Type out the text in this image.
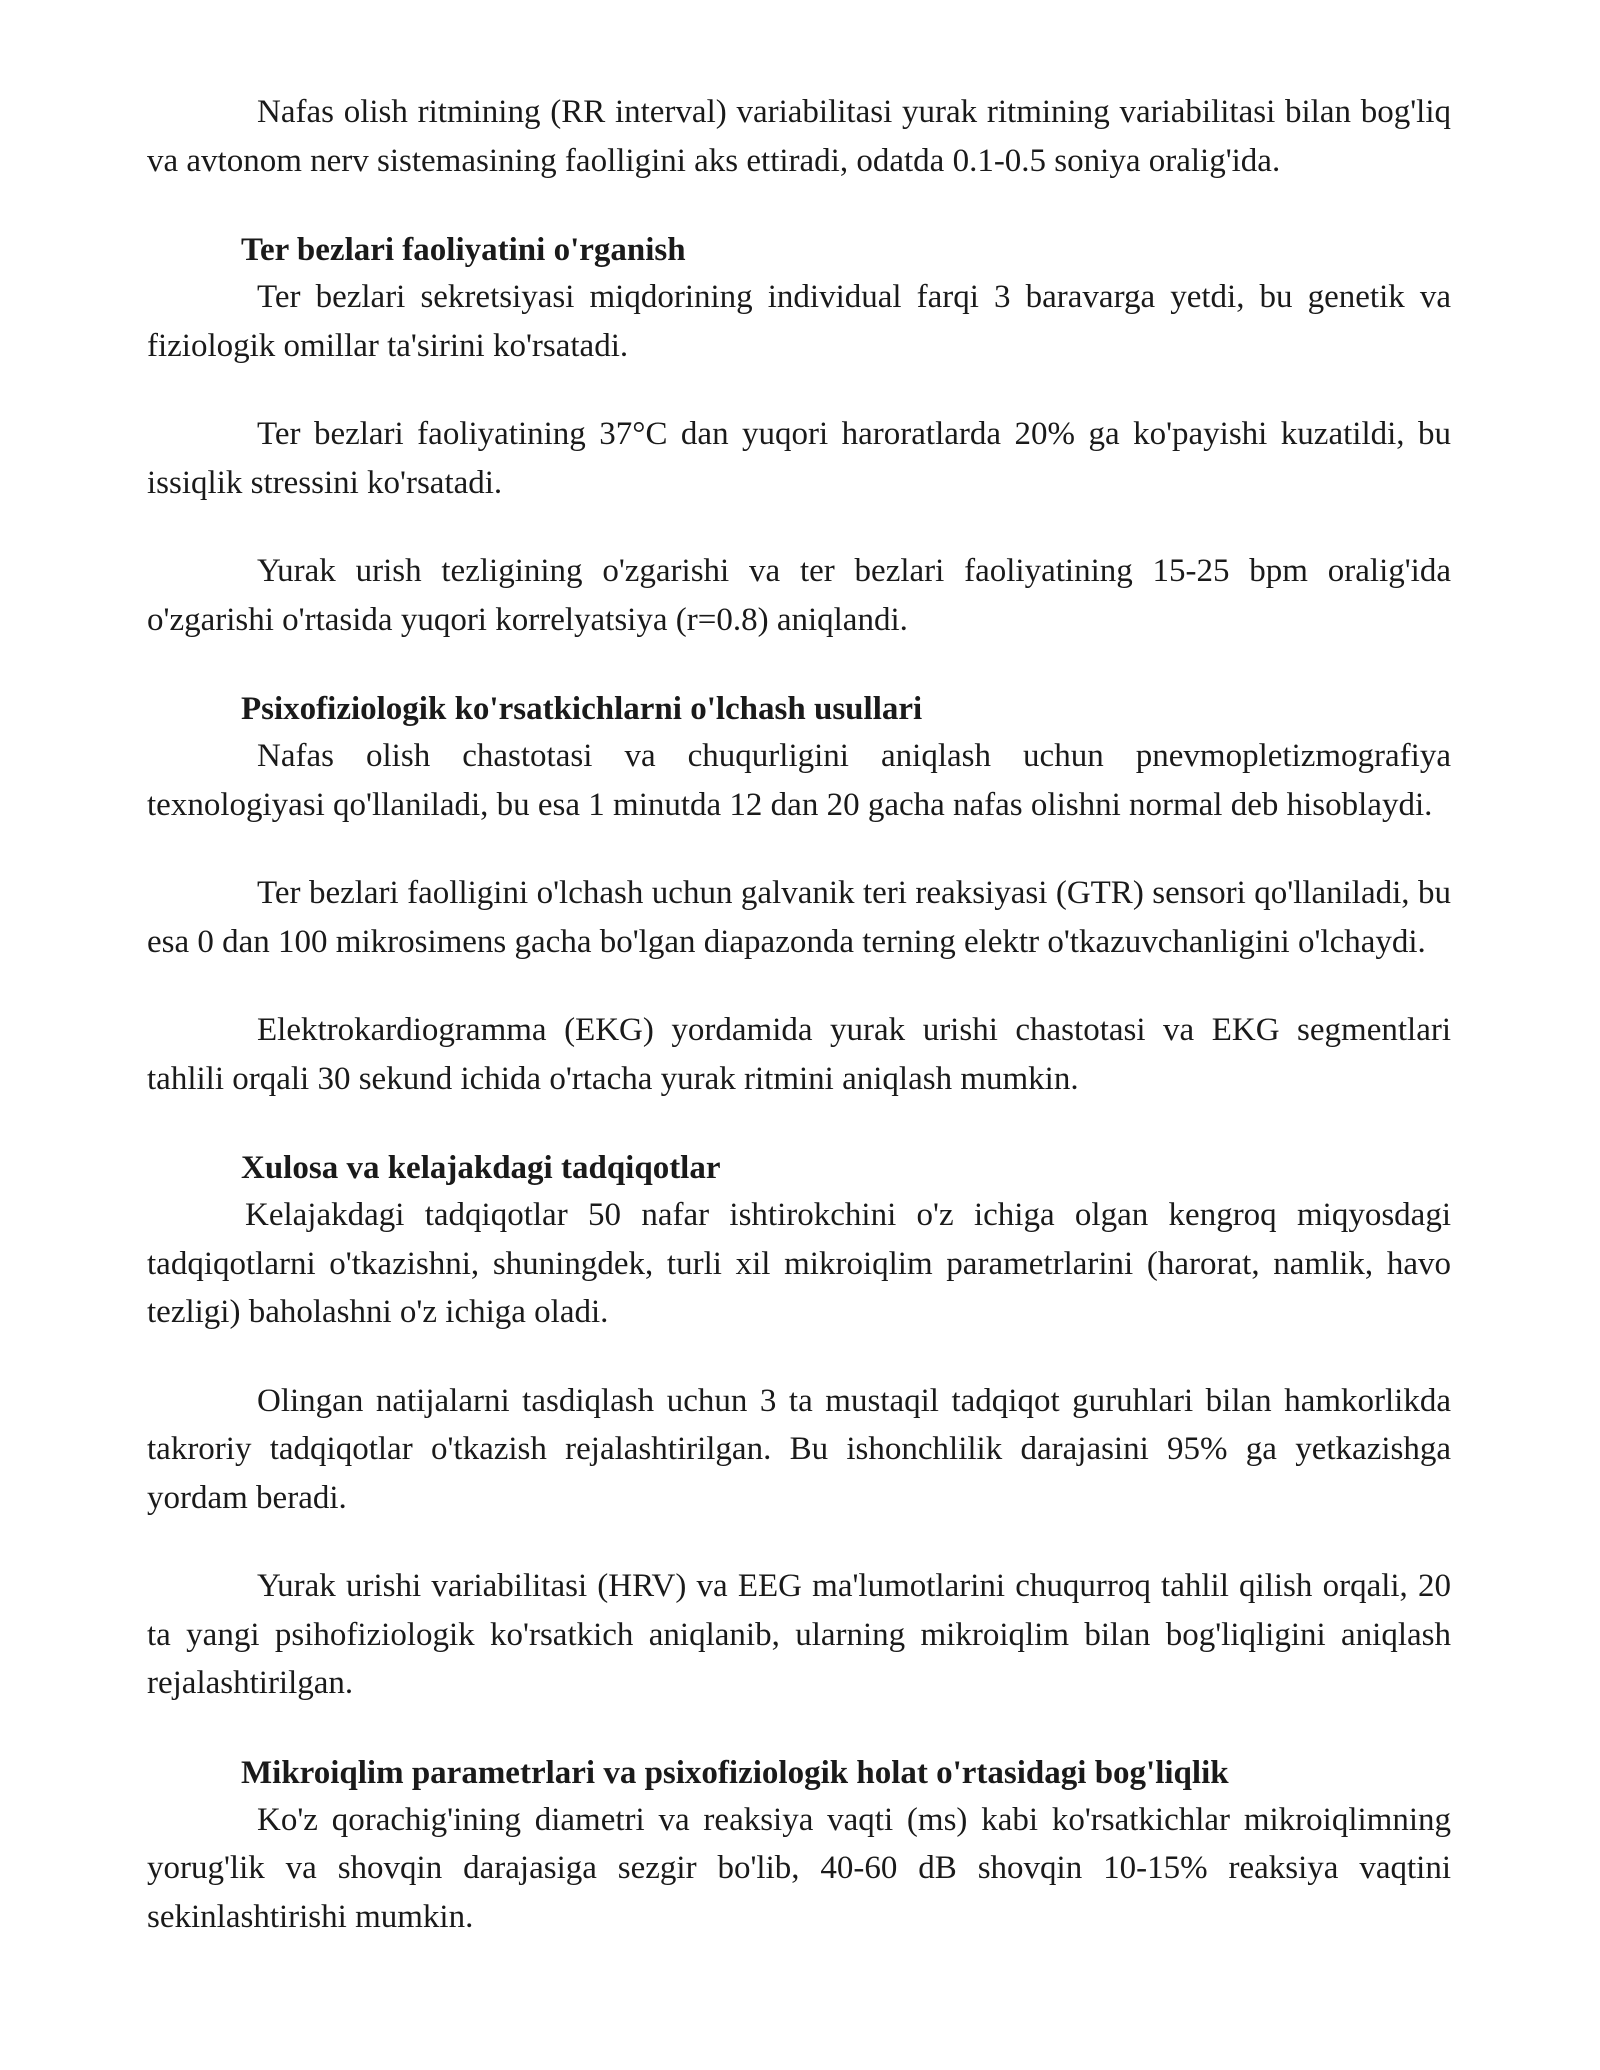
Nafas olish ritmining (RR interval) variabilitasi yurak ritmining variabilitasi bilan bog'liq va avtonom nerv sistemasining faolligini aks ettiradi, odatda 0.1-0.5 soniya oralig'ida.

Ter bezlari faoliyatini o'rganish

Ter bezlari sekretsiyasi miqdorining individual farqi 3 baravarga yetdi, bu genetik va fiziologik omillar ta'sirini ko'rsatadi.

Ter bezlari faoliyatining 37°C dan yuqori haroratlarda 20% ga ko'payishi kuzatildi, bu issiqlik stressini ko'rsatadi.

Yurak urish tezligining o'zgarishi va ter bezlari faoliyatining 15-25 bpm oralig'ida o'zgarishi o'rtasida yuqori korrelyatsiya (r=0.8) aniqlandi.

Psixofiziologik ko'rsatkichlarni o'lchash usullari

Nafas olish chastotasi va chuqurligini aniqlash uchun pnevmopletizmografiya texnologiyasi qo'llaniladi, bu esa 1 minutda 12 dan 20 gacha nafas olishni normal deb hisoblaydi.

Ter bezlari faolligini o'lchash uchun galvanik teri reaksiyasi (GTR) sensori qo'llaniladi, bu esa 0 dan 100 mikrosimens gacha bo'lgan diapazonda terning elektr o'tkazuvchanligini o'lchaydi.

Elektrokardiogramma (EKG) yordamida yurak urishi chastotasi va EKG segmentlari tahlili orqali 30 sekund ichida o'rtacha yurak ritmini aniqlash mumkin.

Xulosa va kelajakdagi tadqiqotlar

Kelajakdagi tadqiqotlar 50 nafar ishtirokchini o'z ichiga olgan kengroq miqyosdagi tadqiqotlarni o'tkazishni, shuningdek, turli xil mikroiqlim parametrlarini (harorat, namlik, havo tezligi) baholashni o'z ichiga oladi.

Olingan natijalarni tasdiqlash uchun 3 ta mustaqil tadqiqot guruhlari bilan hamkorlikda takroriy tadqiqotlar o'tkazish rejalashtirilgan. Bu ishonchlilik darajasini 95% ga yetkazishga yordam beradi.

Yurak urishi variabilitasi (HRV) va EEG ma'lumotlarini chuqurroq tahlil qilish orqali, 20 ta yangi psihofiziologik ko'rsatkich aniqlanib, ularning mikroiqlim bilan bog'liqligini aniqlash rejalashtirilgan.

Mikroiqlim parametrlari va psixofiziologik holat o'rtasidagi bog'liqlik

Ko'z qorachig'ining diametri va reaksiya vaqti (ms) kabi ko'rsatkichlar mikroiqlimning yorug'lik va shovqin darajasiga sezgir bo'lib, 40-60 dB shovqin 10-15% reaksiya vaqtini sekinlashtirishi mumkin.
